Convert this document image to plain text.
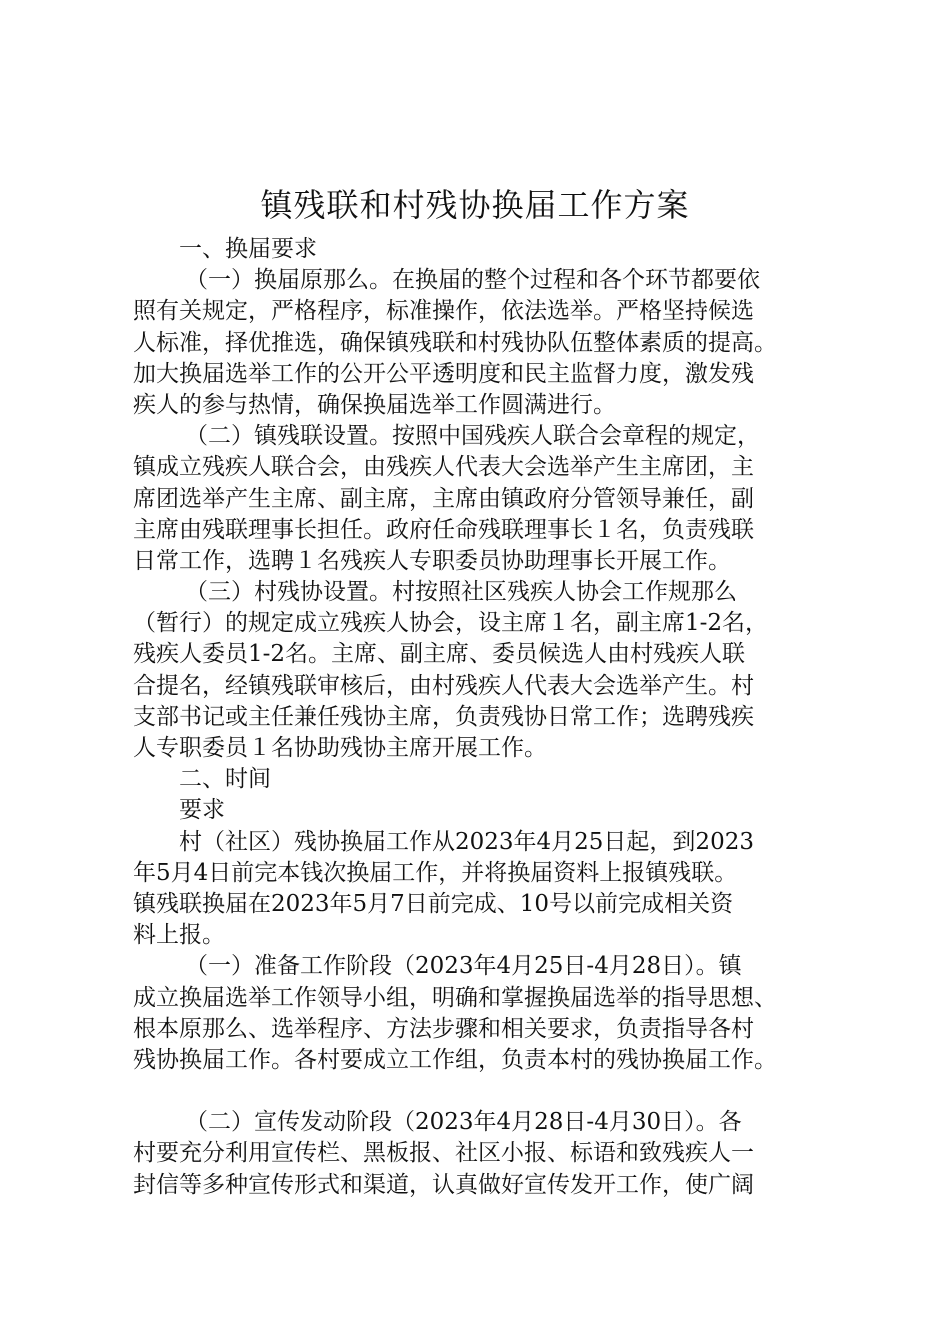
镇残联和村残协换届工作方案
一、换届要求
（一）换届原那么。在换届的整个过程和各个环节都要依
照有关规定，严格程序，标准操作，依法选举。严格坚持候选
人标准，择优推选，确保镇残联和村残协队伍整体素质的提高。
加大换届选举工作的公开公平透明度和民主监督力度，激发残
疾人的参与热情，确保换届选举工作圆满进行。
（二）镇残联设置。按照中国残疾人联合会章程的规定，
镇成立残疾人联合会，由残疾人代表大会选举产生主席团，主
席团选举产生主席、副主席，主席由镇政府分管领导兼任，副
主席由残联理事长担任。政府任命残联理事长１名，负责残联
日常工作，选聘１名残疾人专职委员协助理事长开展工作。
（三）村残协设置。村按照社区残疾人协会工作规那么
（暂行）的规定成立残疾人协会，设主席１名，副主席1-2名，
残疾人委员1-2名。主席、副主席、委员候选人由村残疾人联
合提名，经镇残联审核后，由村残疾人代表大会选举产生。村
支部书记或主任兼任残协主席，负责残协日常工作；选聘残疾
人专职委员１名协助残协主席开展工作。
二、时间
要求
村（社区）残协换届工作从2023年4月25日起，到2023
年5月4日前完本钱次换届工作，并将换届资料上报镇残联。
镇残联换届在2023年5月7日前完成、10号以前完成相关资
料上报。
（一）准备工作阶段（2023年4月25日-4月28日）。镇
成立换届选举工作领导小组，明确和掌握换届选举的指导思想、
根本原那么、选举程序、方法步骤和相关要求，负责指导各村
残协换届工作。各村要成立工作组，负责本村的残协换届工作。
（二）宣传发动阶段（2023年4月28日-4月30日）。各
村要充分利用宣传栏、黑板报、社区小报、标语和致残疾人一
封信等多种宣传形式和渠道，认真做好宣传发开工作，使广阔
